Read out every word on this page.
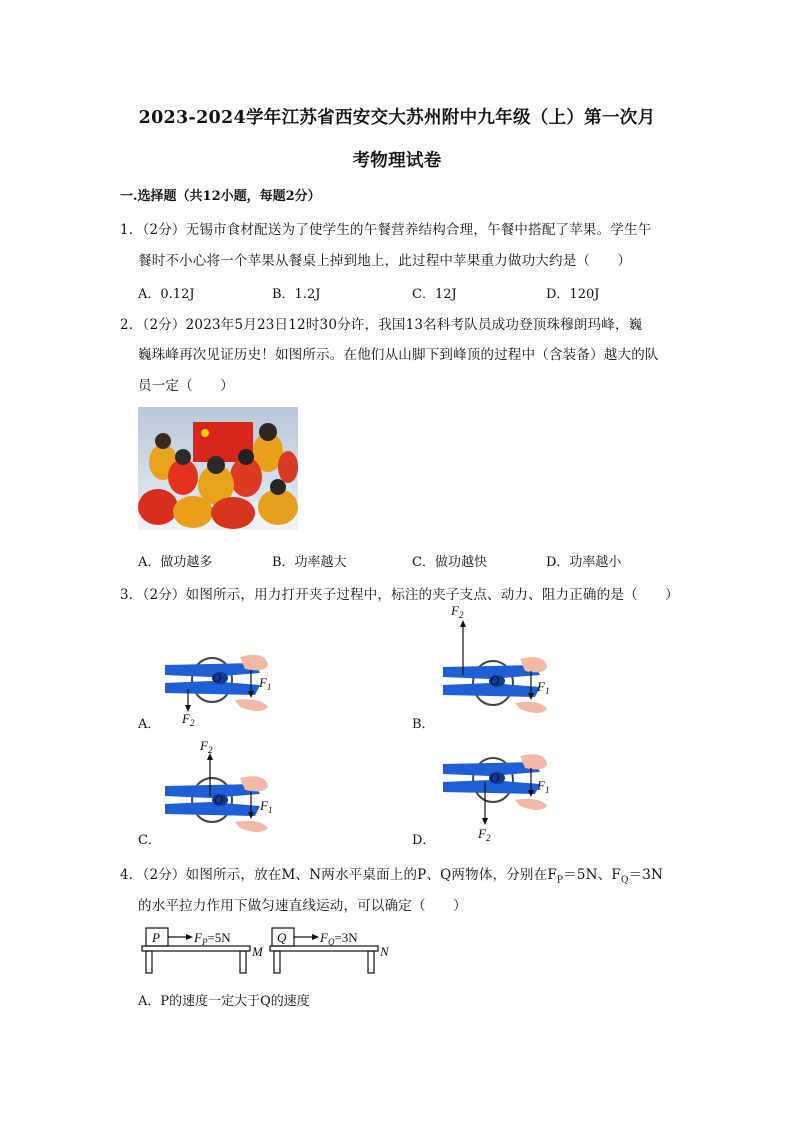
2023-2024学年江苏省西安交大苏州附中九年级（上）第一次月
考物理试卷
一.选择题（共12小题，每题2分）
1．（2分）无锡市食材配送为了使学生的午餐营养结构合理，午餐中搭配了苹果。学生午
餐时不小心将一个苹果从餐桌上掉到地上，此过程中苹果重力做功大约是（　　）
A．0.12J	B．1.2J	C．12J	D．120J
2．（2分）2023年5月23日12时30分许，我国13名科考队员成功登顶珠穆朗玛峰，巍
巍珠峰再次见证历史！如图所示。在他们从山脚下到峰顶的过程中（含装备）越大的队
员一定（　　）
A．做功越多	B．功率越大	C．做功越快	D．功率越小
3．（2分）如图所示，用力打开夹子过程中，标注的夹子支点、动力、阻力正确的是（　　）
A．
O	$F_1$
$F_2$	B．
O	$F_1$
$F_2$
C．
O	$F_1$
$F_2$
D．
O
$F_1$
$F_2$
4．（2分）如图所示，放在M、N两水平桌面上的P、Q两物体，分别在$F_P=5N$、$F_Q=3N$
的水平拉力作用下做匀速直线运动，可以确定（　　）
P	$F_P=5N$
M
Q	$F_Q=3N$
N
A．P的速度一定大于Q的速度
